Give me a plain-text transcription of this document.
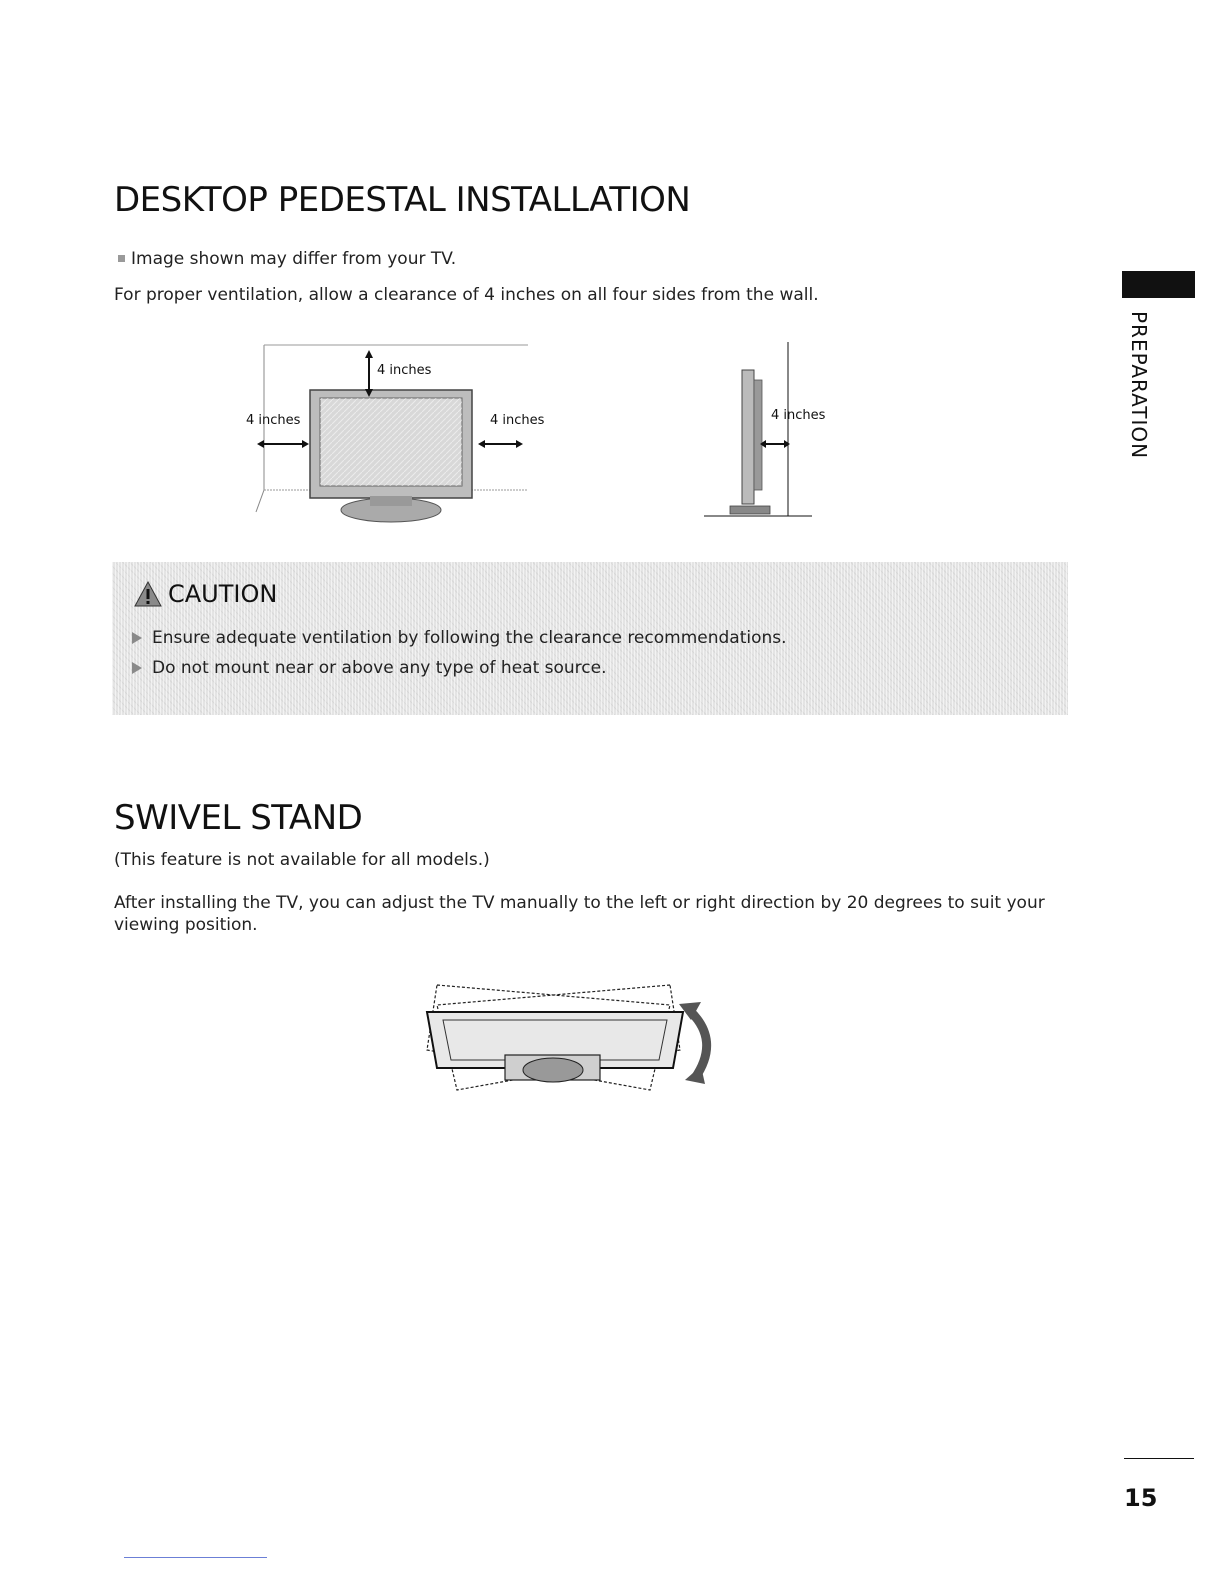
DESKTOP PEDESTAL INSTALLATION
Image shown may differ from your TV.
For proper ventilation, allow a clearance of 4 inches on all four sides from the wall.
4 inches
4 inches	4 inches	4 inches
CAUTION
Ensure adequate ventilation by following the clearance recommendations.
Do not mount near or above any type of heat source.
SWIVEL STAND
(This feature is not available for all models.)
After installing the TV, you can adjust the TV manually to the left or right direction by 20 degrees to suit your
viewing position.
PREPARATION
15
